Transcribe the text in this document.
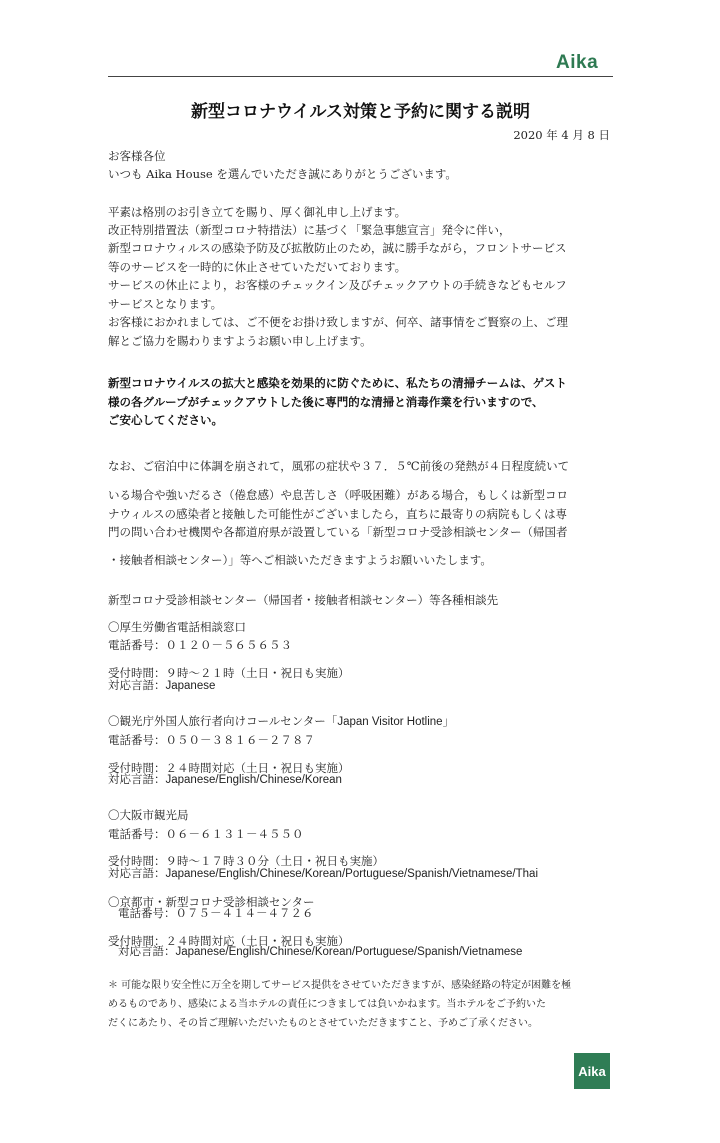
Aika
新型コロナウイルス対策と予約に関する説明
2020 年 4 月 8 日
お客様各位
いつも Aika House を選んでいただき誠にありがとうございます。
平素は格別のお引き立てを賜り、厚く御礼申し上げます。
改正特別措置法（新型コロナ特措法）に基づく「緊急事態宣言」発令に伴い，
新型コロナウィルスの感染予防及び拡散防止のため，誠に勝手ながら，フロントサービス
等のサービスを一時的に休止させていただいております。
サービスの休止により，お客様のチェックイン及びチェックアウトの手続きなどもセルフ
サービスとなります。
お客様におかれましては、ご不便をお掛け致しますが、何卒、諸事情をご賢察の上、ご理
解とご協力を賜わりますようお願い申し上げます。
新型コロナウイルスの拡大と感染を効果的に防ぐために、私たちの清掃チームは、ゲスト
様の各グループがチェックアウトした後に専門的な清掃と消毒作業を行いますので、
ご安心してください。
なお、ご宿泊中に体調を崩されて，風邪の症状や３７．５℃前後の発熱が４日程度続いて
いる場合や強いだるさ（倦怠感）や息苦しさ（呼吸困難）がある場合，もしくは新型コロ
ナウィルスの感染者と接触した可能性がございましたら，直ちに最寄りの病院もしくは専
門の問い合わせ機関や各都道府県が設置している「新型コロナ受診相談センター（帰国者
・接触者相談センター）」等へご相談いただきますようお願いいたします。
新型コロナ受診相談センター（帰国者・接触者相談センター）等各種相談先
〇厚生労働省電話相談窓口
電話番号：０１２０－５６５６５３
受付時間：９時～２１時（土日・祝日も実施）
対応言語：Japanese
〇観光庁外国人旅行者向けコールセンター「Japan Visitor Hotline」
電話番号：０５０－３８１６－２７８７
受付時間：２４時間対応（土日・祝日も実施）
対応言語：Japanese/English/Chinese/Korean
〇大阪市観光局
電話番号：０６－６１３１－４５５０
受付時間：９時～１７時３０分（土日・祝日も実施）
対応言語：Japanese/English/Chinese/Korean/Portuguese/Spanish/Vietnamese/Thai
〇京都市・新型コロナ受診相談センター
電話番号：０７５－４１４－４７２６
受付時間：２４時間対応（土日・祝日も実施）
対応言語：Japanese/English/Chinese/Korean/Portuguese/Spanish/Vietnamese
＊ 可能な限り安全性に万全を期してサービス提供をさせていただきますが、感染経路の特定が困難を極
めるものであり、感染による当ホテルの責任につきましては負いかねます。当ホテルをご予約いた
だくにあたり、その旨ご理解いただいたものとさせていただきますこと、予めご了承ください。
Aika
